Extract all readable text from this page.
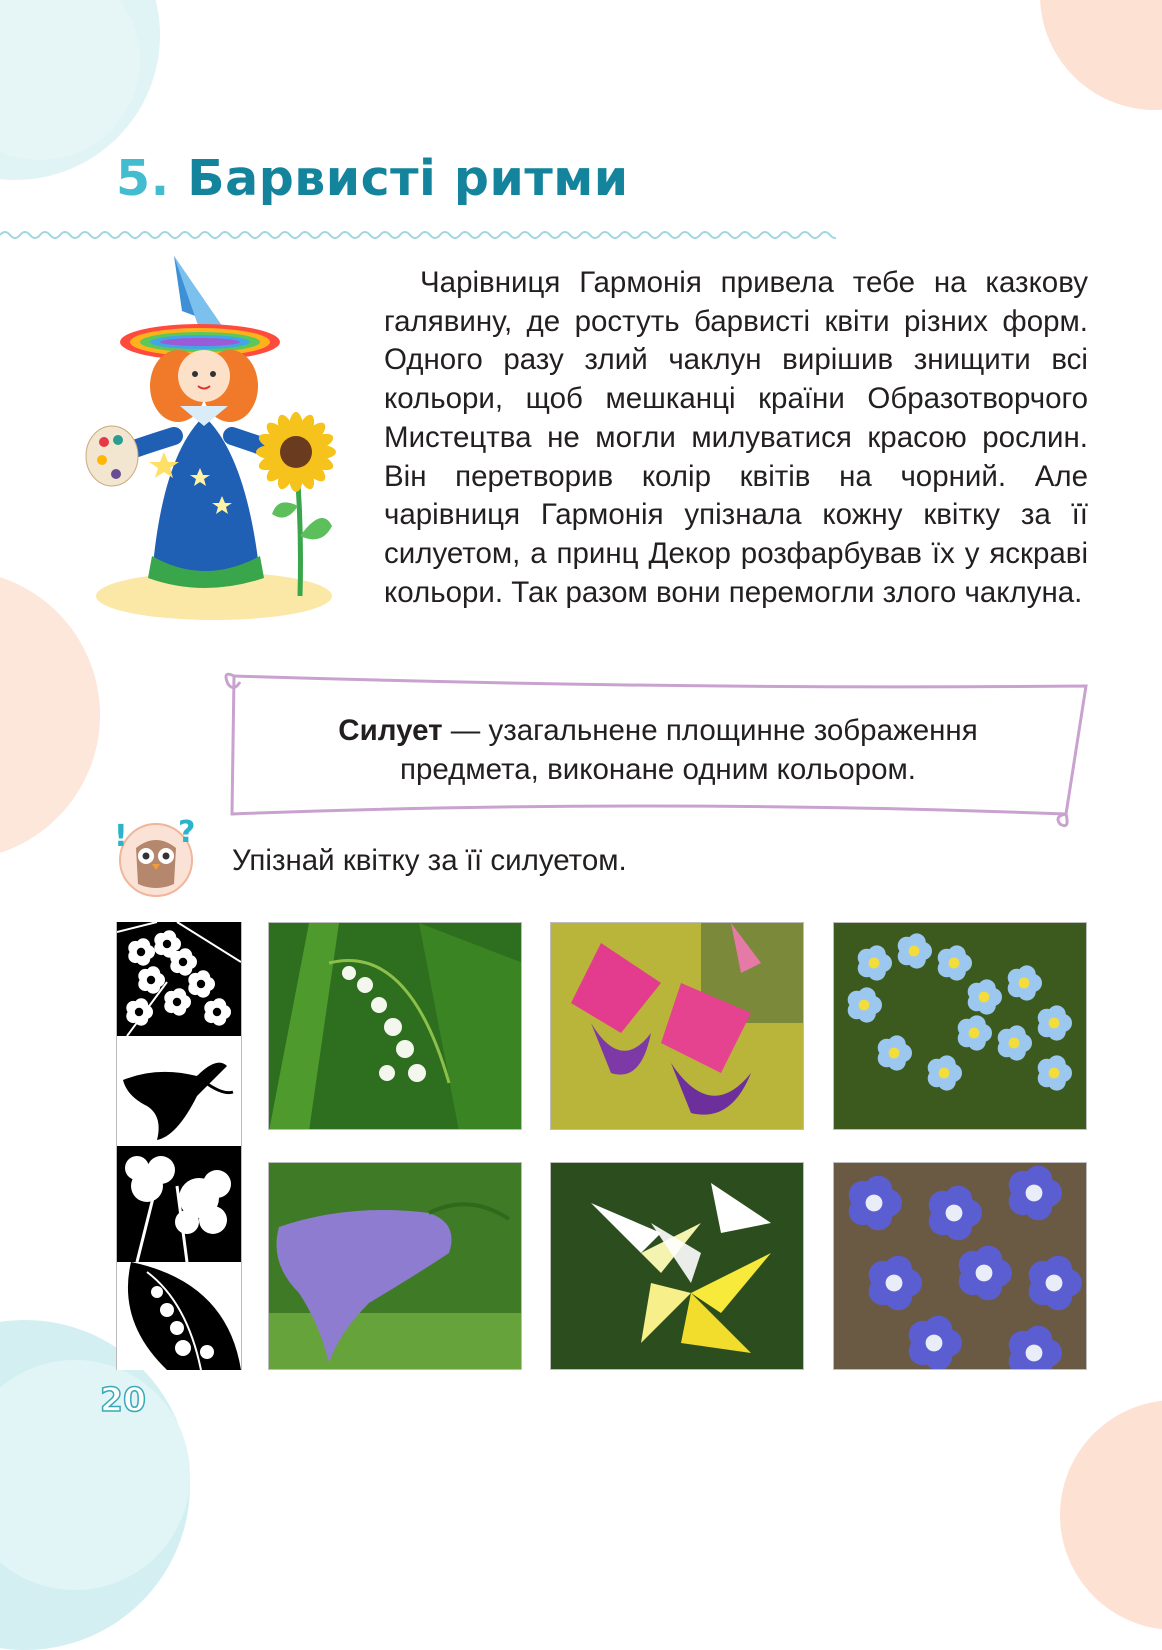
5. Барвисті ритми

Чарівниця Гармонія привела тебе на казкову галявину, де ростуть барвисті квіти різних форм. Одного разу злий чаклун вирішив знищити всі кольори, щоб мешканці країни Образотворчого Мистецтва не могли милуватися красою рослин. Він перетворив колір квітів на чорний. Але чарівниця Гармонія упізнала кожну квітку за її силуетом, а принц Декор розфарбував їх у яскраві кольори. Так разом вони перемогли злого чаклуна.

Силует — узагальнене площинне зображення предмета, виконане одним кольором.

! ?

Упізнай квітку за її силуетом.

20
